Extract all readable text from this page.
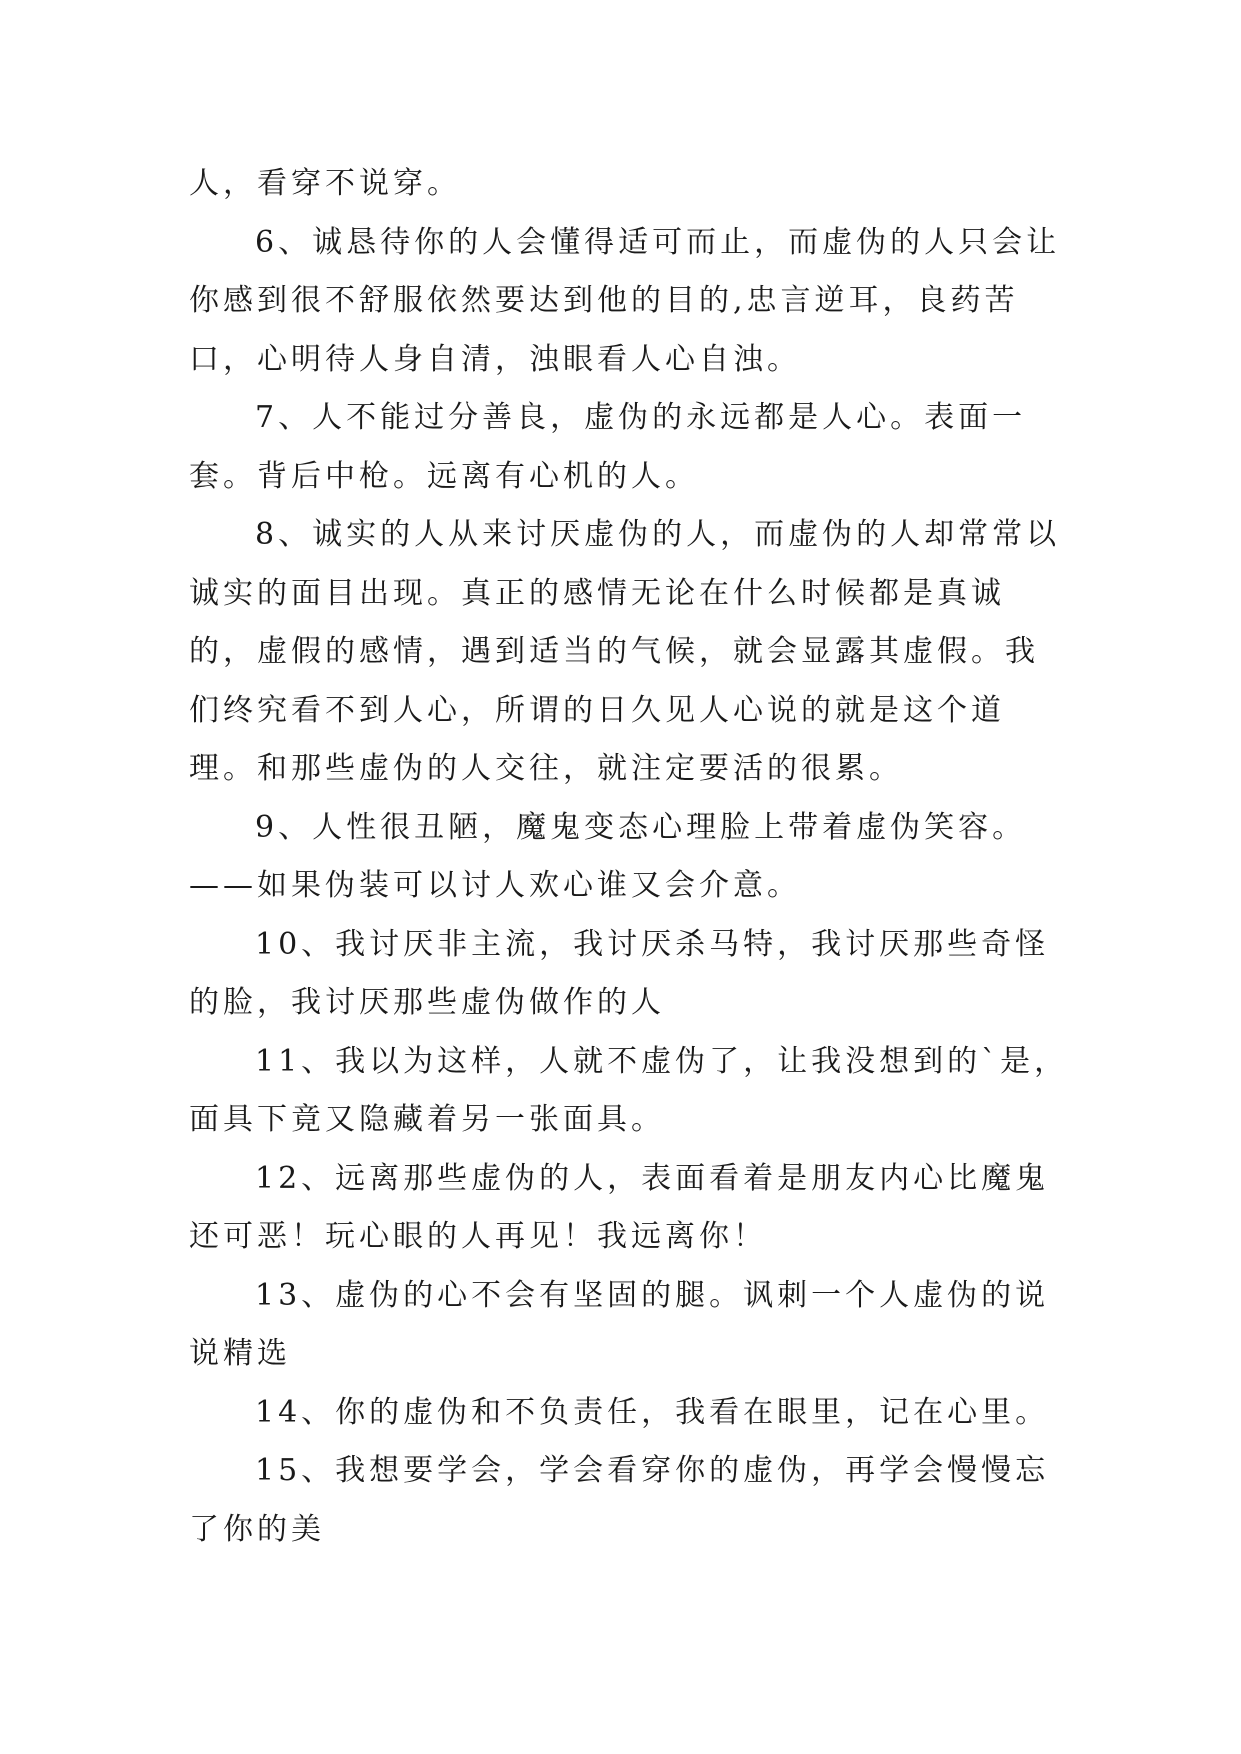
人，看穿不说穿。

6、诚恳待你的人会懂得适可而止，而虚伪的人只会让你感到很不舒服依然要达到他的目的,忠言逆耳，良药苦口，心明待人身自清，浊眼看人心自浊。

7、人不能过分善良，虚伪的永远都是人心。表面一套。背后中枪。远离有心机的人。

8、诚实的人从来讨厌虚伪的人，而虚伪的人却常常以诚实的面目出现。真正的感情无论在什么时候都是真诚的，虚假的感情，遇到适当的气候，就会显露其虚假。我们终究看不到人心，所谓的日久见人心说的就是这个道理。和那些虚伪的人交往，就注定要活的很累。

9、人性很丑陋，魔鬼变态心理脸上带着虚伪笑容。——如果伪装可以讨人欢心谁又会介意。

10、我讨厌非主流，我讨厌杀马特，我讨厌那些奇怪的脸，我讨厌那些虚伪做作的人

11、我以为这样，人就不虚伪了，让我没想到的`是，面具下竟又隐藏着另一张面具。

12、远离那些虚伪的人，表面看着是朋友内心比魔鬼还可恶！玩心眼的人再见！我远离你！

13、虚伪的心不会有坚固的腿。讽刺一个人虚伪的说说精选

14、你的虚伪和不负责任，我看在眼里，记在心里。

15、我想要学会，学会看穿你的虚伪，再学会慢慢忘了你的美
